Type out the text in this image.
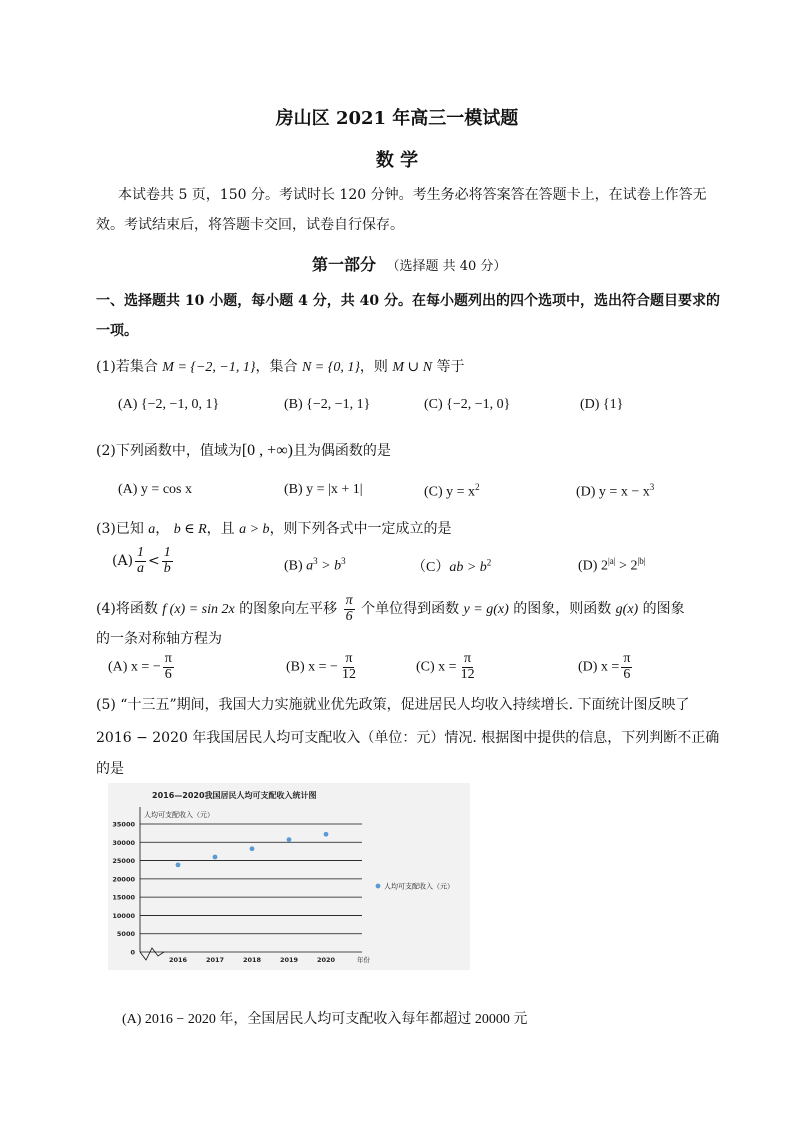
房山区 2021 年高三一模试题
数 学
本试卷共 5 页，150 分。考试时长 120 分钟。考生务必将答案答在答题卡上，在试卷上作答无
效。考试结束后，将答题卡交回，试卷自行保存。
第一部分 （选择题 共 40 分）
一、选择题共 10 小题，每小题 4 分，共 40 分。在每小题列出的四个选项中，选出符合题目要求的
一项。
(1)若集合 M = {−2, −1, 1}，集合 N = {0, 1}，则 M ∪ N 等于
(A) {−2, −1, 0, 1}	(B) {−2, −1, 1}	(C) {−2, −1, 0}	(D) {1}
(2)下列函数中，值域为[0 , +∞)且为偶函数的是
(A) y = cos x	(B) y = |x + 1|	(C) $y = x^2$	(D) $y = x - x^3$
(3)已知 a， b ∈ R，且 a > b，则下列各式中一定成立的是
$(A) \frac{1}{a} < \frac{1}{b}$	(B) $a^3 > b^3$	$(C)ab > b^2$	(D) $2^{|a|} > 2^{|b|}$
(4)将函数 f (x) = sin 2x 的图象向左平移 $\frac{\pi}{6}$ 个单位得到函数 y = g(x) 的图象，则函数 g(x) 的图象
的一条对称轴方程为
(A) x = − $\frac{\pi}{6}$	(B) x = − $\frac{\pi}{12}$	(C) $x = \frac{\pi}{12}$	(D) $x = \frac{\pi}{6}$
(5) “十三五”期间，我国大力实施就业优先政策，促进居民人均收入持续增长. 下面统计图反映了
2016 − 2020 年我国居民人均可支配收入（单位：元）情况. 根据图中提供的信息，下列判断不正确
的是
2016—2020我国居民人均可支配收入统计图
人均可支配收入（元）
0
5000
10000
15000
20000
25000
30000
35000
2016	2017	2018	2019	2020	年份
人均可支配收入（元）
(A) 2016 − 2020 年，全国居民人均可支配收入每年都超过 20000 元
